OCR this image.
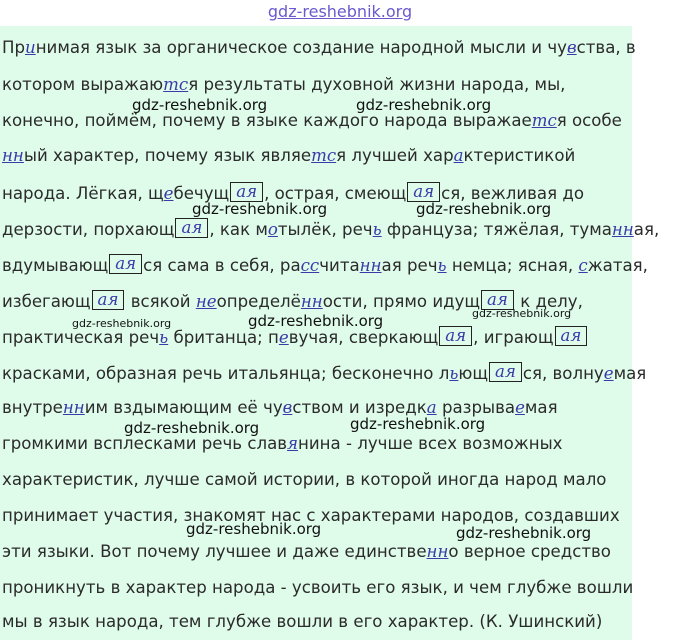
gdz-reshebnik.org
Принимая язык за органическое создание народной мысли и чувства, в
котором выражаются результаты духовной жизни народа, мы,
конечно, поймём, почему в языке каждого народа выражается особе
нный характер, почему язык является лучшей характеристикой
народа. Лёгкая, щебечущ ая , острая, смеющ ая ся, вежливая до
дерзости, порхающ ая , как мотылёк, речь француза; тяжёлая, туманная,
вдумывающ ая ся сама в себя, рассчитанная речь немца; ясная, сжатая,
избегающ ая всякой неопределённости, прямо идущ ая к делу,
практическая речь британца; певучая, сверкающ ая , играющ ая
красками, образная речь итальянца; бесконечно льющ ая ся, волнуемая
внутренним вздымающим её чувством и изредка разрываемая
громкими всплесками речь славянина - лучше всех возможных
характеристик, лучше самой истории, в которой иногда народ мало
принимает участия, знакомят нас с характерами народов, создавших
эти языки. Вот почему лучшее и даже единственно верное средство
проникнуть в характер народа - усвоить его язык, и чем глубже вошли
мы в язык народа, тем глубже вошли в его характер. (К. Ушинский)
gdz-reshebnik.org	gdz-reshebnik.org
gdz-reshebnik.org	gdz-reshebnik.org
gdz-reshebnik.org	gdz-reshebnik.org	gdz-reshebnik.org
gdz-reshebnik.org	gdz-reshebnik.org
gdz-reshebnik.org	gdz-reshebnik.org
